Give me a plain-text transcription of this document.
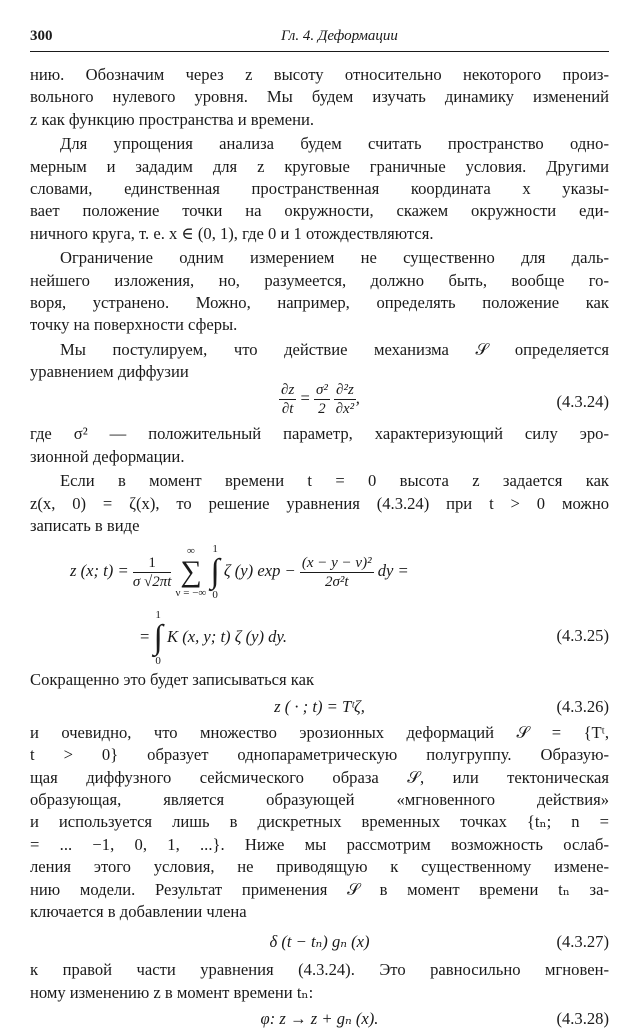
300	Гл. 4. Деформации
нию. Обозначим через z высоту относительно некоторого произ-
вольного нулевого уровня. Мы будем изучать динамику изменений
z как функцию пространства и времени.
Для упрощения анализа будем считать пространство одно-
мерным и зададим для z круговые граничные условия. Другими
словами, единственная пространственная координата x указы-
вает положение точки на окружности, скажем окружности еди-
ничного круга, т. е. x ∈ (0, 1), где 0 и 1 отождествляются.
Ограничение одним измерением не существенно для даль-
нейшего изложения, но, разумеется, должно быть, вообще го-
воря, устранено. Можно, например, определять положение как
точку на поверхности сферы.
Мы постулируем, что действие механизма 𝒮 определяется
уравнением диффузии
$\frac{\partial z}{\partial t} = \frac{\text{σ²}}{2}$
$\frac{\text{∂²z}}{\text{∂x²}}$ ,	(4.3.24)
где σ² — положительный параметр, характеризующий силу эро-
зионной деформации.
Если в момент времени t = 0 высота z задается как
z(x, 0) = ζ(x), то решение уравнения (4.3.24) при t > 0 можно
записать в виде
z (x; $t) = \frac{1}{\sigma √2\pi t}$

∞
∑
ν = −∞

1
∫
0
ζ (y) $\exp - \frac{\text{(x − y − ν)²}}{\text{2σ²t}}$ dy =
=
1
∫
0
K (x, y; t) ζ (y) dy.	(4.3.25)
Сокращенно это будет записываться как
z ( · ; t) = Tᵗζ,	(4.3.26)
и очевидно, что множество эрозионных деформаций 𝒮 = {Tᵗ,
t > 0} образует однопараметрическую полугруппу. Образую-
щая диффузного сейсмического образа 𝒮, или тектоническая
образующая, является образующей «мгновенного действия»
и используется лишь в дискретных временных точках {tₙ; n =
= ... −1, 0, 1, ...}. Ниже мы рассмотрим возможность ослаб-
ления этого условия, не приводящую к существенному измене-
нию модели. Результат применения 𝒮 в момент времени tₙ за-
ключается в добавлении члена
δ (t − tₙ) gₙ (x)	(4.3.27)
к правой части уравнения (4.3.24). Это равносильно мгновен-
ному изменению z в момент времени tₙ:
φ: z → z + gₙ (x).	(4.3.28)
